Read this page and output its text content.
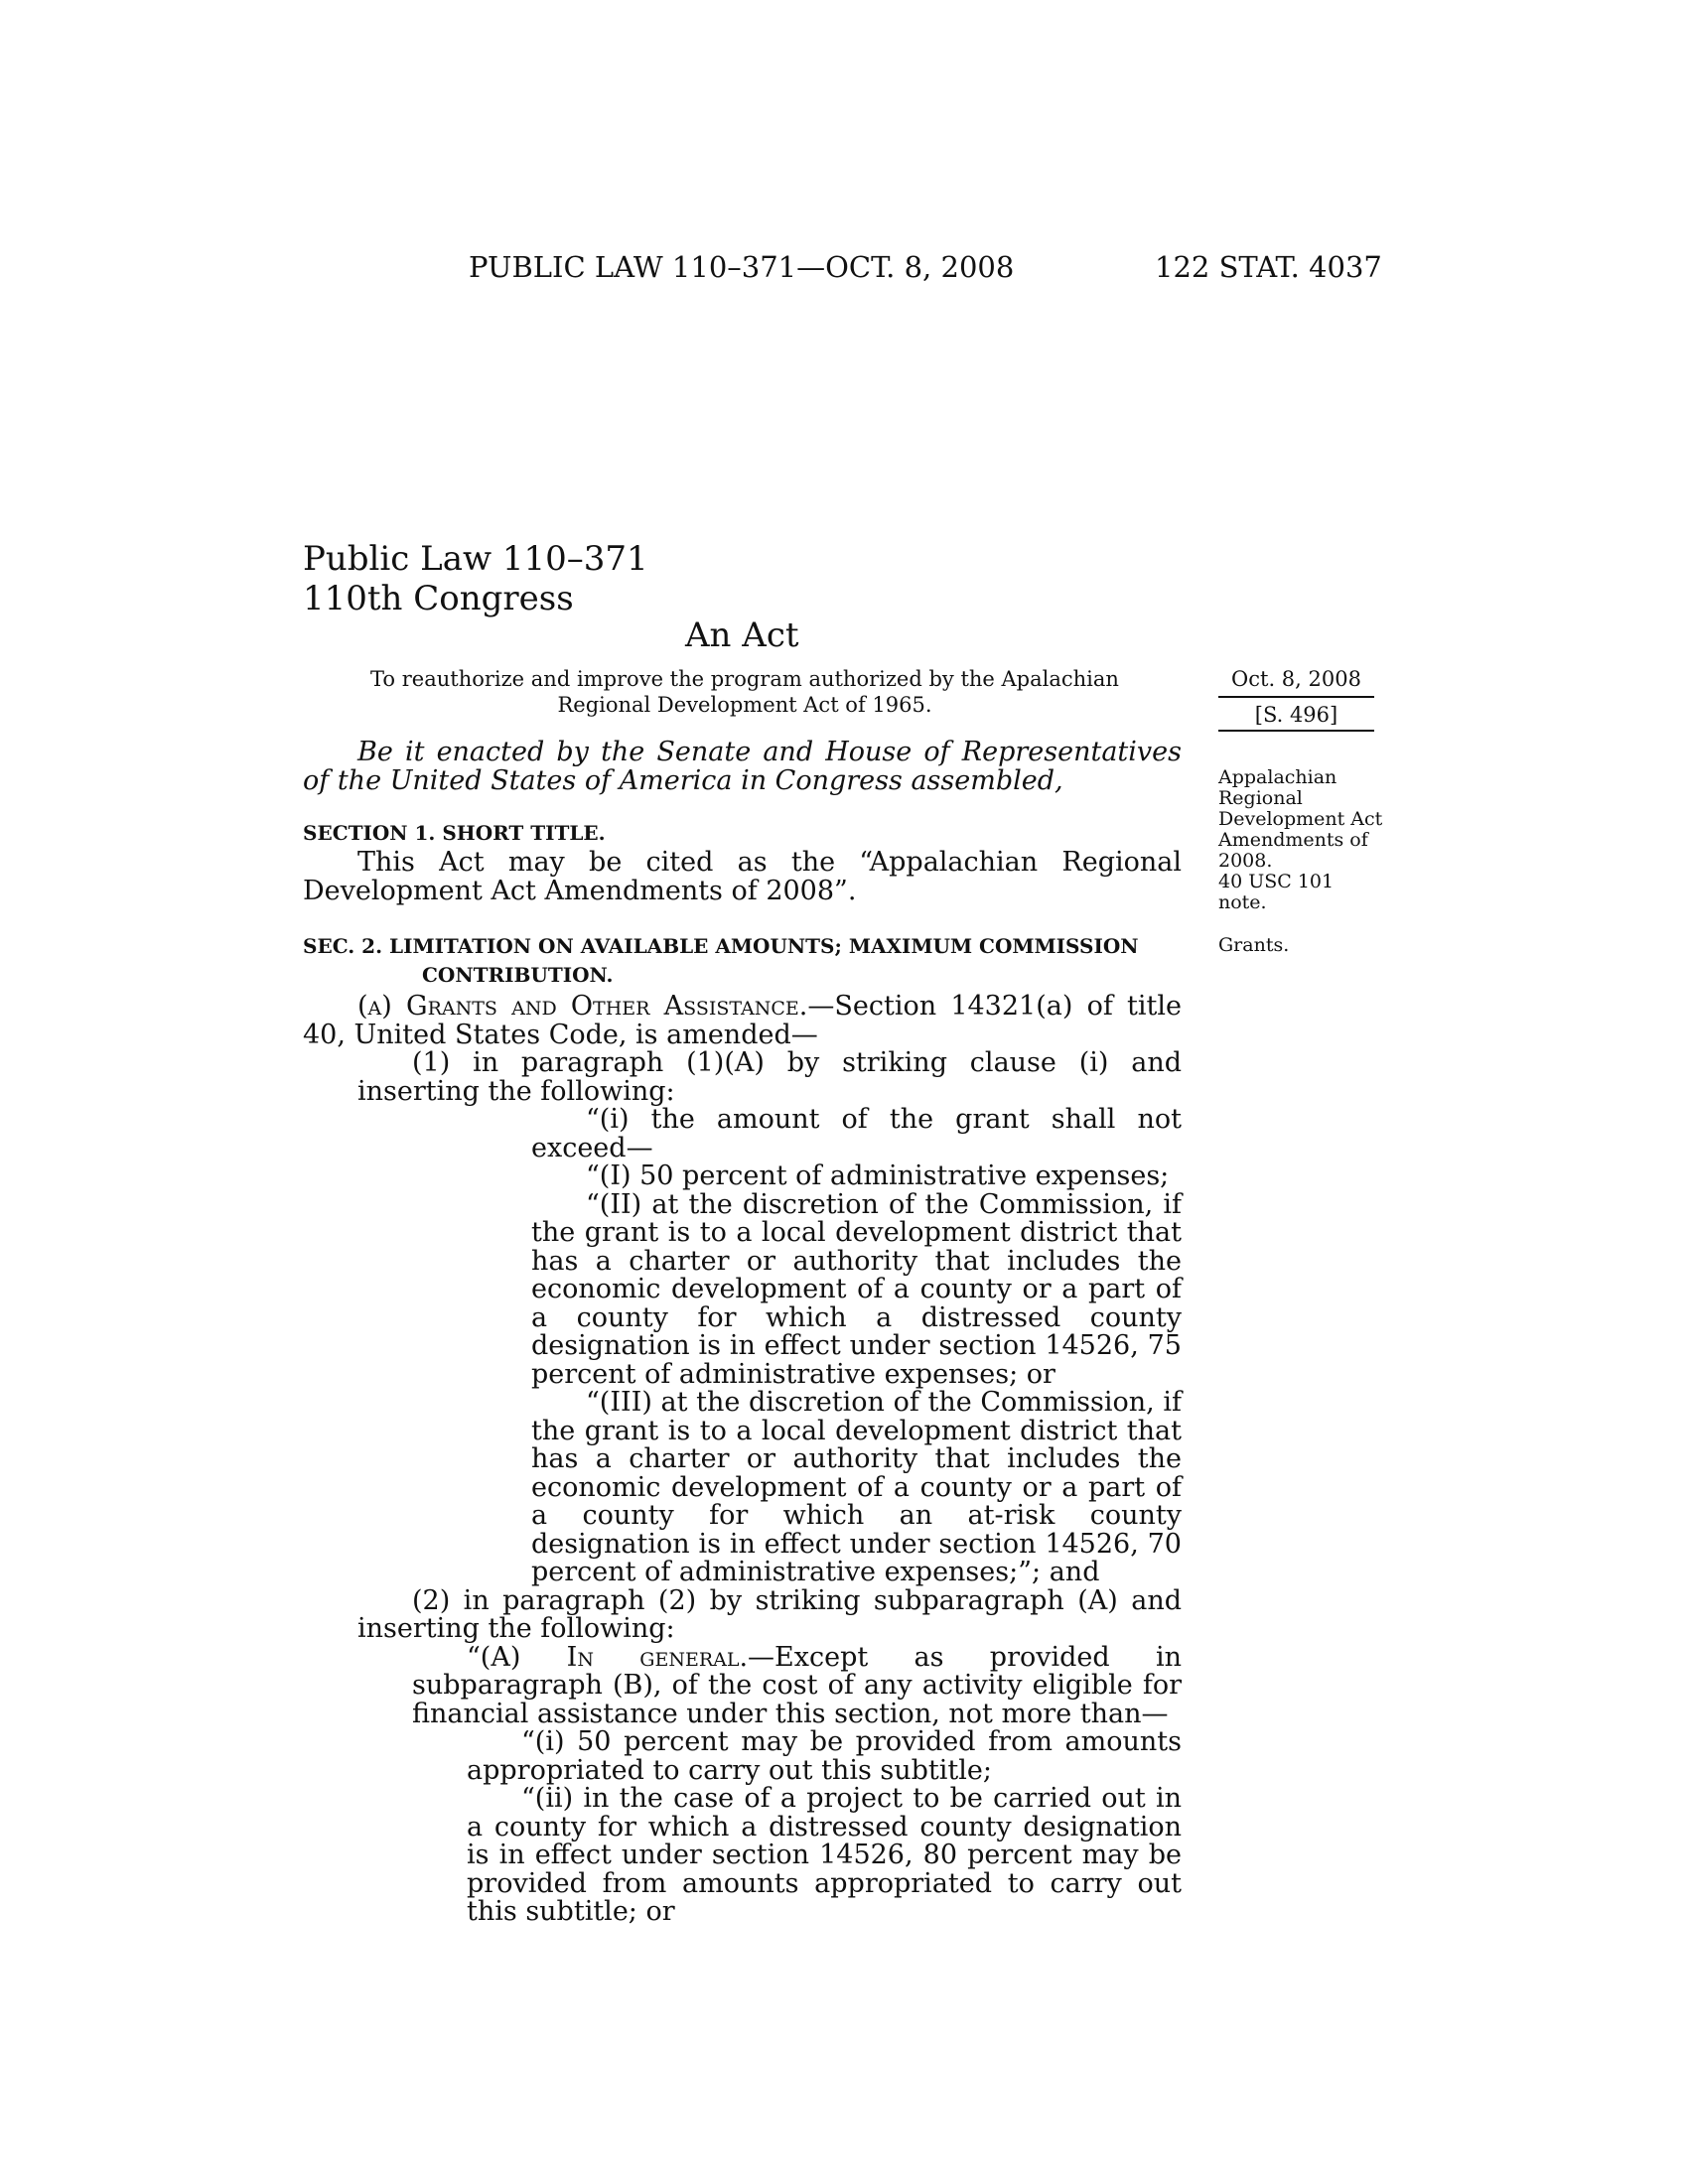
PUBLIC LAW 110–371—OCT. 8, 2008	122 STAT. 4037
Public Law 110–371
110th Congress
An Act
To reauthorize and improve the program authorized by the Apalachian Regional Development Act of 1965.
Oct. 8, 2008
[S. 496]

Be it enacted by the Senate and House of Representatives of the United States of America in Congress assembled,

SECTION 1. SHORT TITLE.
This Act may be cited as the “Appalachian Regional Development Act Amendments of 2008”.
SEC. 2. LIMITATION ON AVAILABLE AMOUNTS; MAXIMUM COMMISSION
CONTRIBUTION.

(a) Grants and Other Assistance.—Section 14321(a) of title 40, United States Code, is amended—

(1) in paragraph (1)(A) by striking clause (i) and inserting the following:

“(i) the amount of the grant shall not exceed—

“(I) 50 percent of administrative expenses;

“(II) at the discretion of the Commission, if the grant is to a local development district that has a charter or authority that includes the economic development of a county or a part of a county for which a distressed county designation is in effect under section 14526, 75 percent of administrative expenses; or

“(III) at the discretion of the Commission, if the grant is to a local development district that has a charter or authority that includes the economic development of a county or a part of a county for which an at-risk county designation is in effect under section 14526, 70 percent of administrative expenses;”; and

(2) in paragraph (2) by striking subparagraph (A) and inserting the following:

“(A) In general.—Except as provided in subparagraph (B), of the cost of any activity eligible for financial assistance under this section, not more than—

“(i) 50 percent may be provided from amounts appropriated to carry out this subtitle;

“(ii) in the case of a project to be carried out in a county for which a distressed county designation is in effect under section 14526, 80 percent may be provided from amounts appropriated to carry out this subtitle; or

Appalachian Regional Development Act Amendments of 2008.
40 USC 101 note.
Grants.
